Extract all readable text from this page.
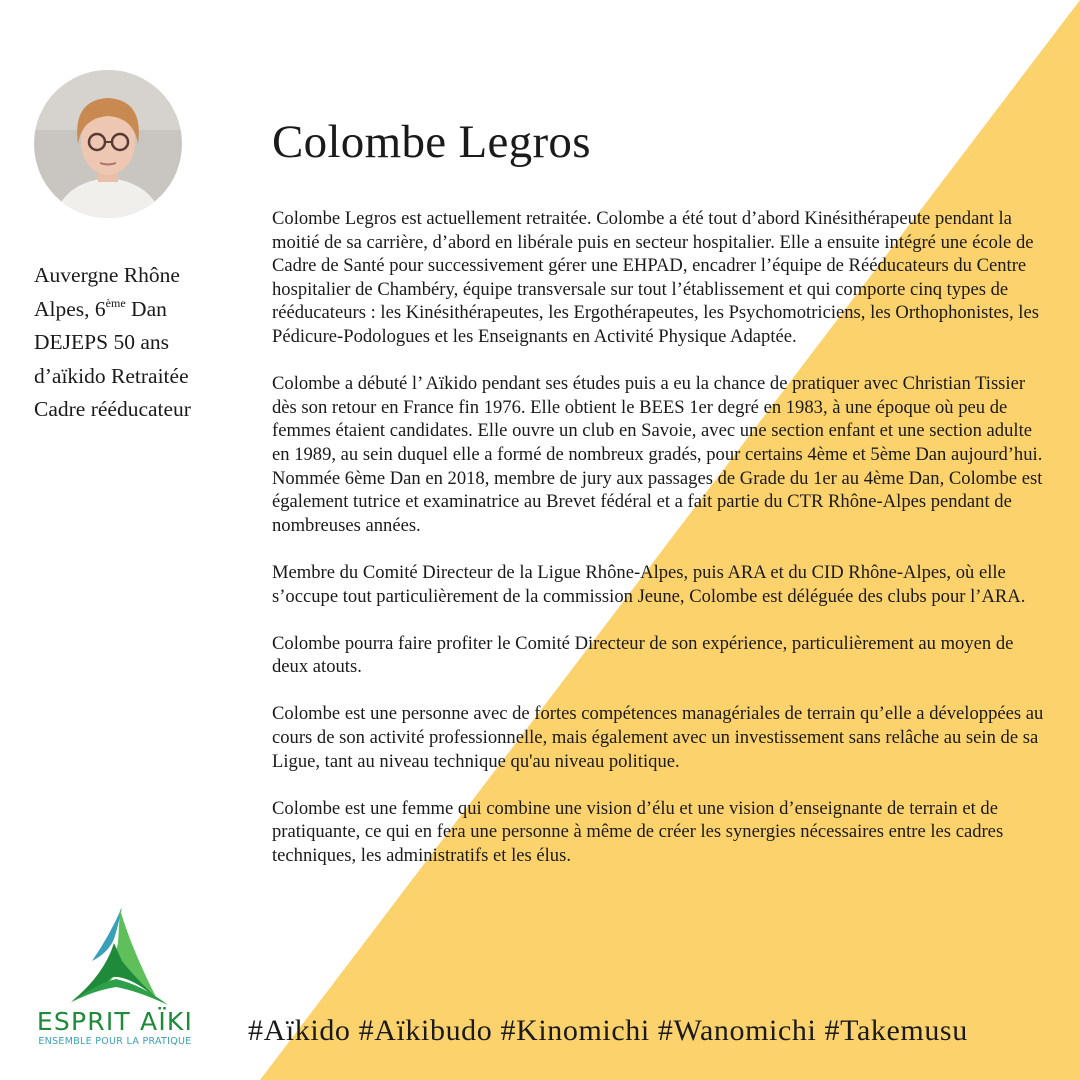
Auvergne Rhône Alpes, 6ème Dan DEJEPS 50 ans d’aïkido Retraitée Cadre rééducateur
Colombe Legros

Colombe Legros est actuellement retraitée. Colombe a été tout d’abord Kinésithérapeute pendant la moitié de sa carrière, d’abord en libérale puis en secteur hospitalier. Elle a ensuite intégré une école de Cadre de Santé pour successivement gérer une EHPAD, encadrer l’équipe de Rééducateurs du Centre hospitalier de Chambéry, équipe transversale sur tout l’établissement et qui comporte cinq types de rééducateurs : les Kinésithérapeutes, les Ergothérapeutes, les Psychomotriciens, les Orthophonistes, les Pédicure-Podologues et les Enseignants en Activité Physique Adaptée.

Colombe a débuté l’ Aïkido pendant ses études puis a eu la chance de pratiquer avec Christian Tissier dès son retour en France fin 1976. Elle obtient le BEES 1er degré en 1983, à une époque où peu de femmes étaient candidates. Elle ouvre un club en Savoie, avec une section enfant et une section adulte en 1989, au sein duquel elle a formé de nombreux gradés, pour certains 4ème et 5ème Dan aujourd’hui. Nommée 6ème Dan en 2018, membre de jury aux passages de Grade du 1er au 4ème Dan, Colombe est également tutrice et examinatrice au Brevet fédéral et a fait partie du CTR Rhône-Alpes pendant de nombreuses années.

Membre du Comité Directeur de la Ligue Rhône-Alpes, puis ARA et du CID Rhône-Alpes, où elle s’occupe tout particulièrement de la commission Jeune, Colombe est déléguée des clubs pour l’ARA.

Colombe pourra faire profiter le Comité Directeur de son expérience, particulièrement au moyen de deux atouts.

Colombe est une personne avec de fortes compétences managériales de terrain qu’elle a développées au cours de son activité professionnelle, mais également avec un investissement sans relâche au sein de sa Ligue, tant au niveau technique qu'au niveau politique.

Colombe est une femme qui combine une vision d’élu et une vision d’enseignante de terrain et de pratiquante, ce qui en fera une personne à même de créer les synergies nécessaires entre les cadres techniques, les administratifs et les élus.

#Aïkido #Aïkibudo #Kinomichi #Wanomichi #Takemusu
ESPRIT AÏKI
ENSEMBLE POUR LA PRATIQUE
